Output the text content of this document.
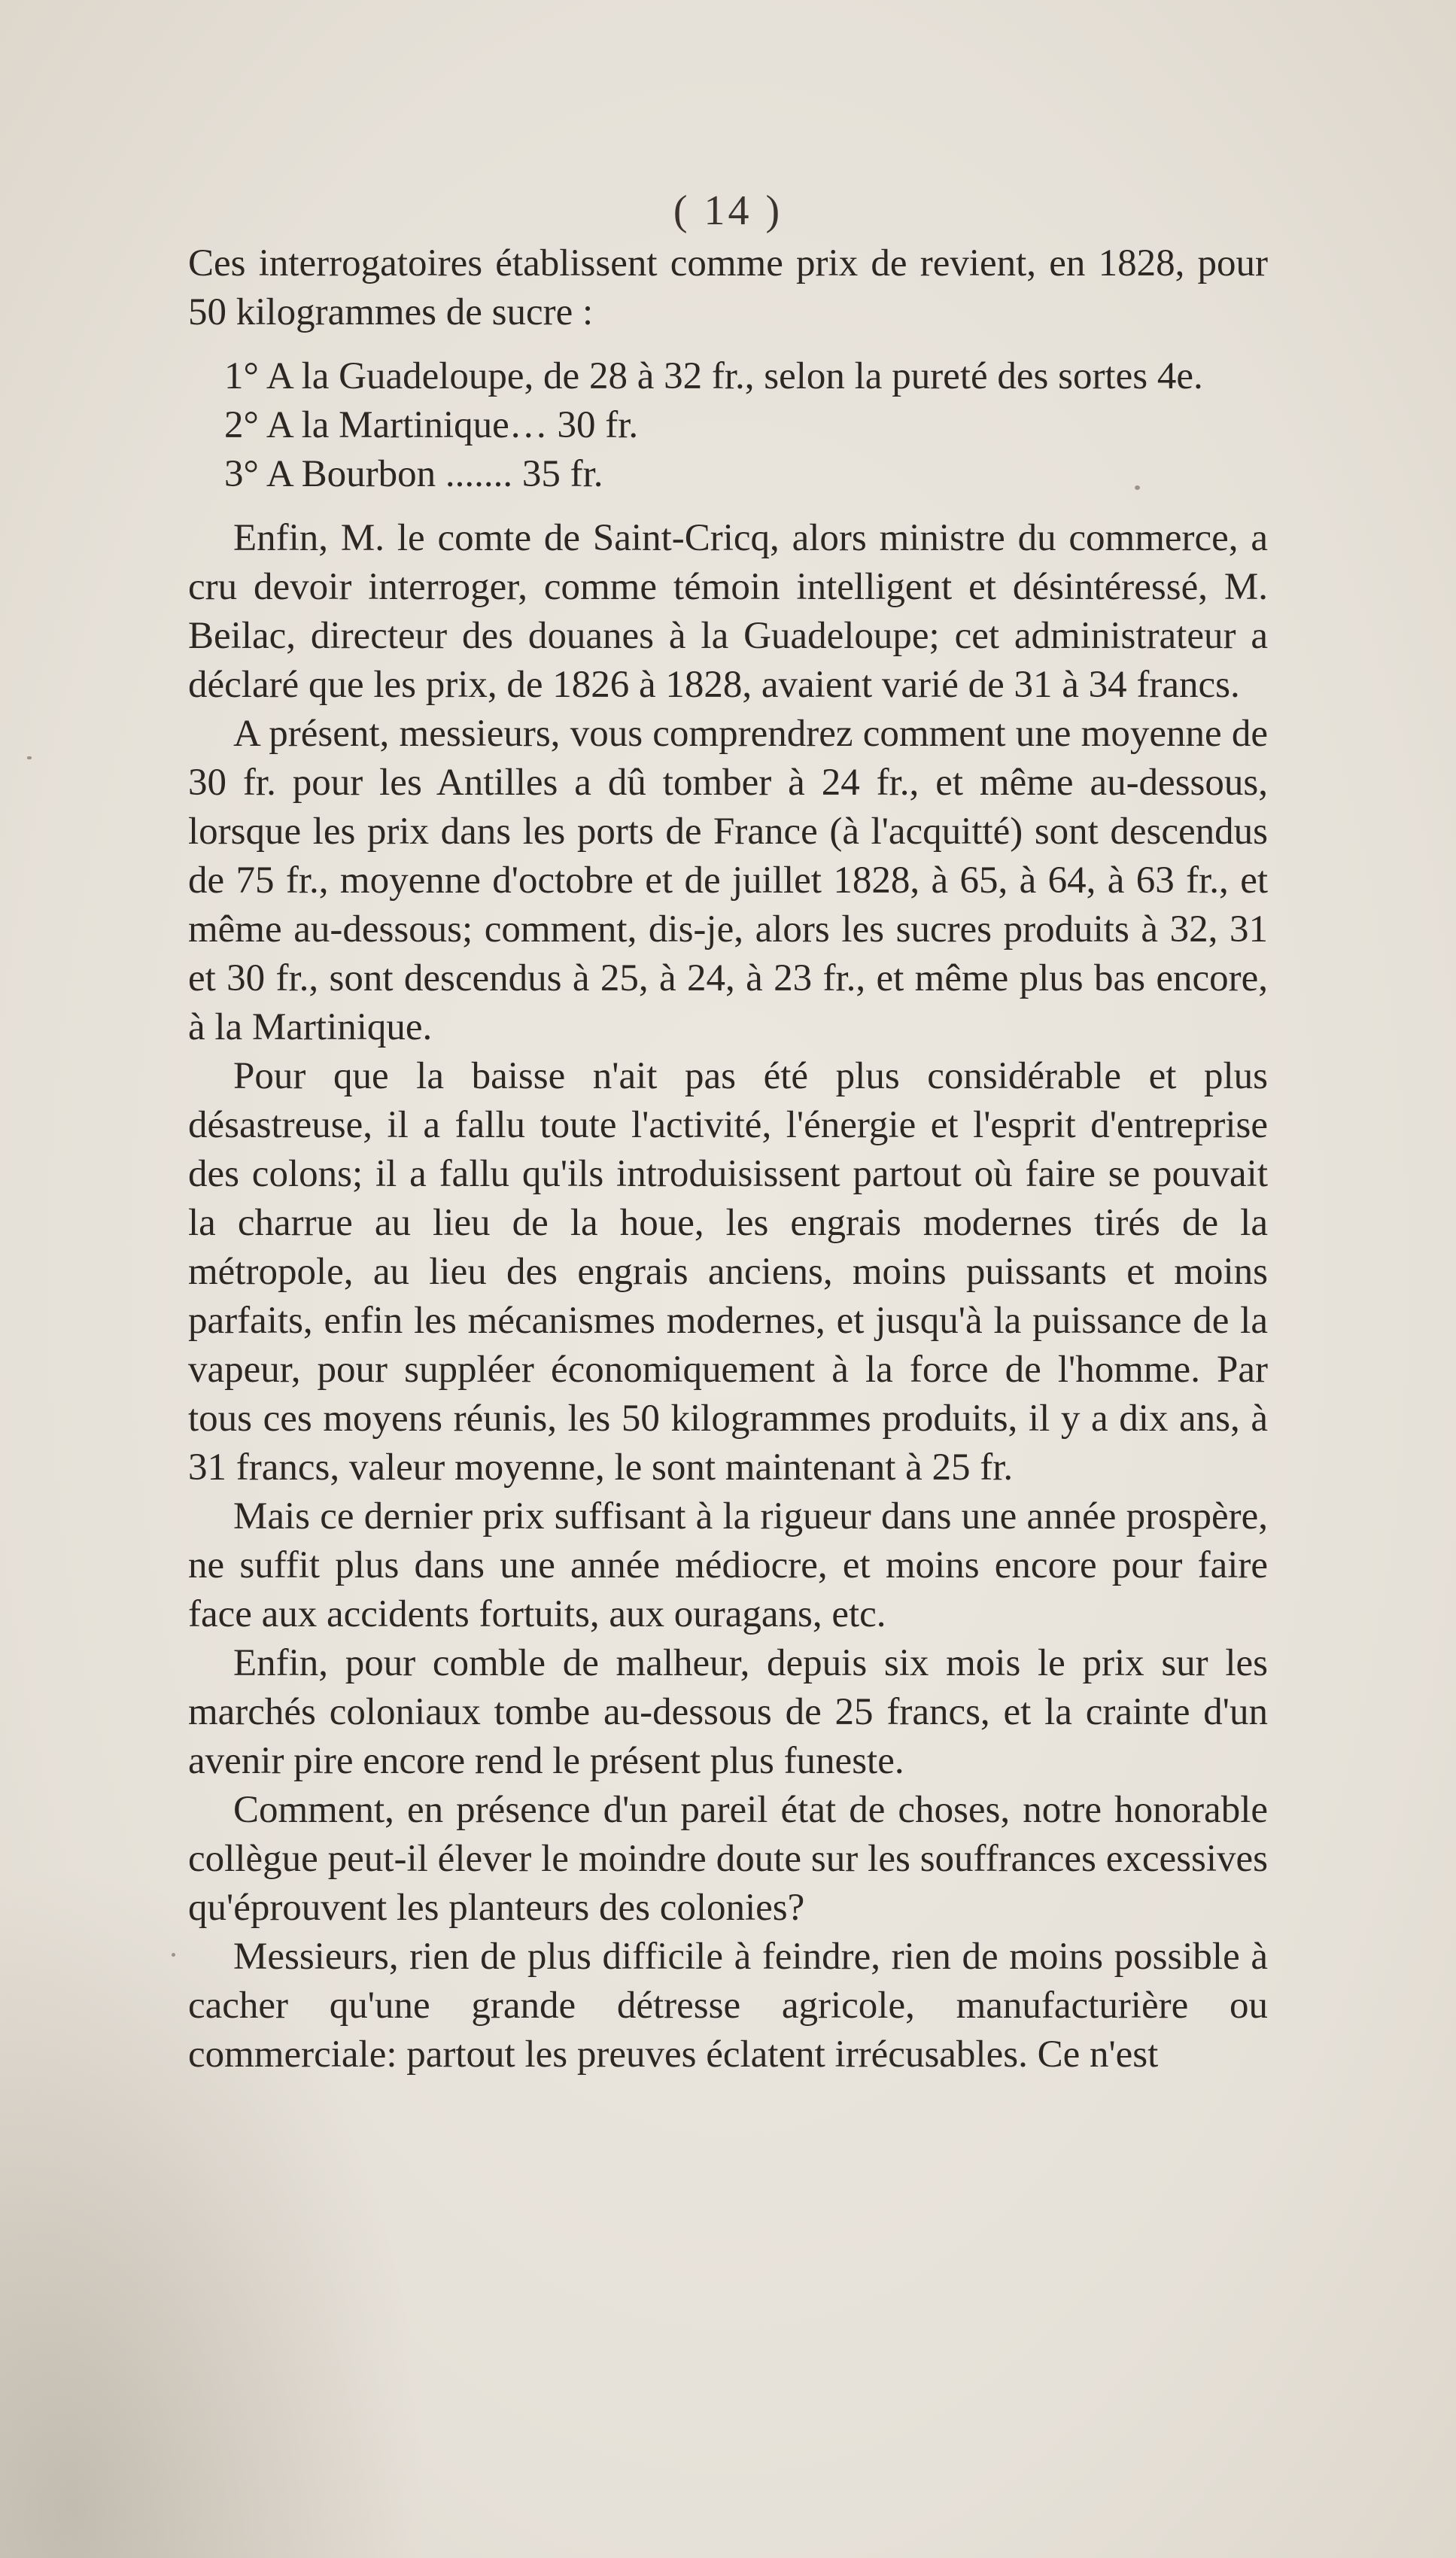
( 14 )

Ces interrogatoires établissent comme prix de revient, en 1828, pour 50 kilogrammes de sucre :

1° A la Guadeloupe, de 28 à 32 fr., selon la pureté des sortes 4e.
2° A la Martinique… 30 fr.
3° A Bourbon ....... 35 fr.

Enfin, M. le comte de Saint-Cricq, alors ministre du commerce, a cru devoir interroger, comme témoin intelligent et désintéressé, M. Beilac, directeur des douanes à la Guadeloupe; cet administrateur a déclaré que les prix, de 1826 à 1828, avaient varié de 31 à 34 francs.

A présent, messieurs, vous comprendrez comment une moyenne de 30 fr. pour les Antilles a dû tomber à 24 fr., et même au-dessous, lorsque les prix dans les ports de France (à l'acquitté) sont descendus de 75 fr., moyenne d'octobre et de juillet 1828, à 65, à 64, à 63 fr., et même au-dessous; comment, dis-je, alors les sucres produits à 32, 31 et 30 fr., sont descendus à 25, à 24, à 23 fr., et même plus bas encore, à la Martinique.

Pour que la baisse n'ait pas été plus considérable et plus désastreuse, il a fallu toute l'activité, l'énergie et l'esprit d'entreprise des colons; il a fallu qu'ils introduisissent partout où faire se pouvait la charrue au lieu de la houe, les engrais modernes tirés de la métropole, au lieu des engrais anciens, moins puissants et moins parfaits, enfin les mécanismes modernes, et jusqu'à la puissance de la vapeur, pour suppléer économiquement à la force de l'homme. Par tous ces moyens réunis, les 50 kilogrammes produits, il y a dix ans, à 31 francs, valeur moyenne, le sont maintenant à 25 fr.

Mais ce dernier prix suffisant à la rigueur dans une année prospère, ne suffit plus dans une année médiocre, et moins encore pour faire face aux accidents fortuits, aux ouragans, etc.

Enfin, pour comble de malheur, depuis six mois le prix sur les marchés coloniaux tombe au-dessous de 25 francs, et la crainte d'un avenir pire encore rend le présent plus funeste.

Comment, en présence d'un pareil état de choses, notre honorable collègue peut-il élever le moindre doute sur les souffrances excessives qu'éprouvent les planteurs des colonies?

Messieurs, rien de plus difficile à feindre, rien de moins possible à cacher qu'une grande détresse agricole, manufacturière ou commerciale: partout les preuves éclatent irrécusables. Ce n'est
